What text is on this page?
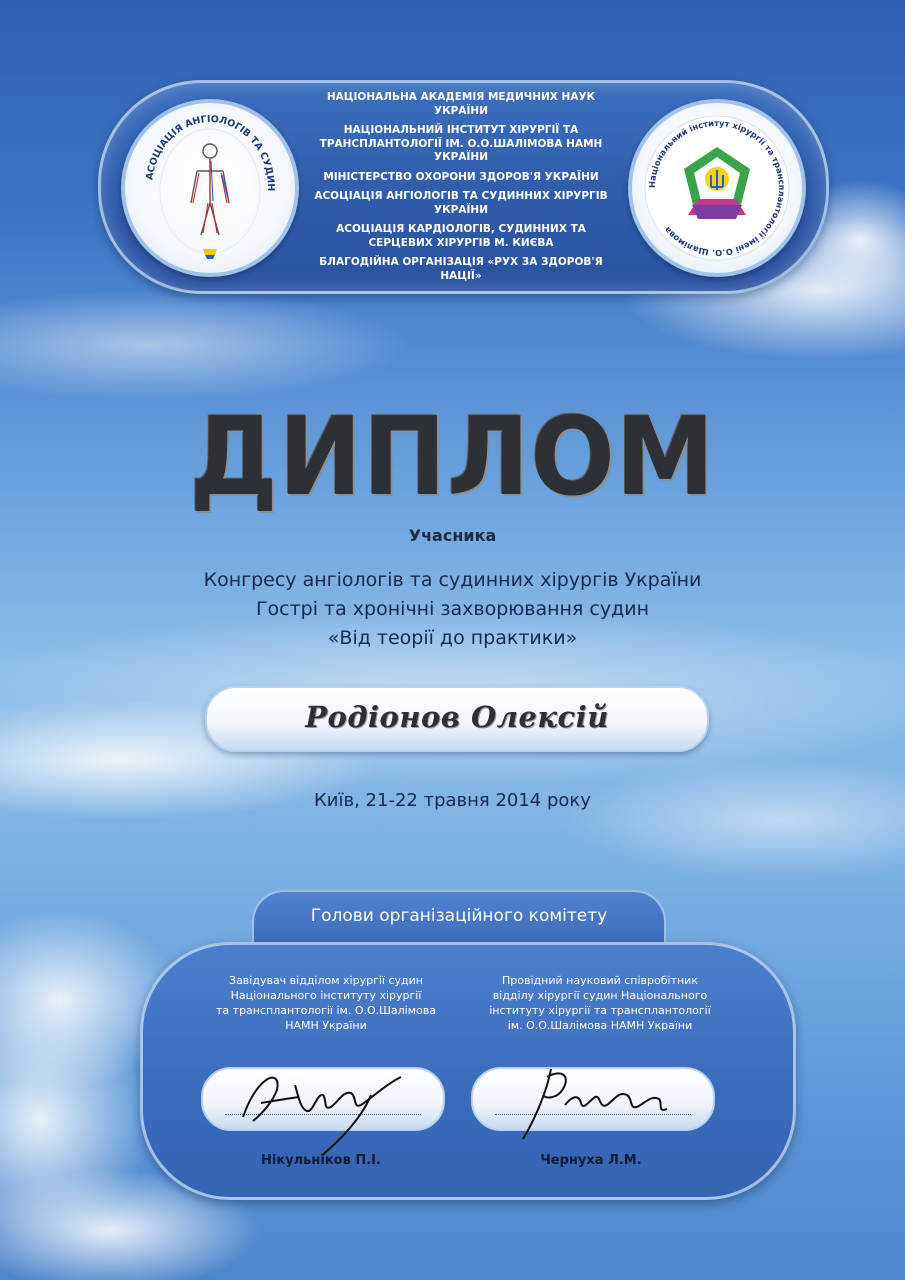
АСОЦІАЦІЯ АНГІОЛОГІВ ТА СУДИН
НАЦІОНАЛЬНА АКАДЕМІЯ МЕДИЧНИХ НАУК УКРАЇНИ
НАЦІОНАЛЬНИЙ ІНСТИТУТ ХІРУРГІЇ ТА ТРАНСПЛАНТОЛОГІЇ ІМ. О.О.ШАЛІМОВА НАМН УКРАЇНИ
МІНІСТЕРСТВО ОХОРОНИ ЗДОРОВ'Я УКРАЇНИ
АСОЦІАЦІЯ АНГІОЛОГІВ ТА СУДИННИХ ХІРУРГІВ УКРАЇНИ
АСОЦІАЦІЯ КАРДІОЛОГІВ, СУДИННИХ ТА СЕРЦЕВИХ ХІРУРГІВ М. КИЄВА
БЛАГОДІЙНА ОРГАНІЗАЦІЯ «РУХ ЗА ЗДОРОВ'Я НАЦІЇ»
Національний інститут хірургії та трансплантології імені О.О. Шалімова
ДИПЛОМ
Учасника
Конгресу ангіологів та судинних хірургів України
Гострі та хронічні захворювання судин
«Від теорії до практики»
Родіонов Олексій
Київ, 21-22 травня 2014 року
Голови організаційного комітету
Завідувач відділом хірургії судин
Національного інституту хірургії
та трансплантології ім. О.О.Шалімова
НАМН України
Провідний науковий співробітник
відділу хірургії судин Національного
інституту хірургії та трансплантології
ім. О.О.Шалімова НАМН України
Нікульніков П.І.	Чернуха Л.М.
